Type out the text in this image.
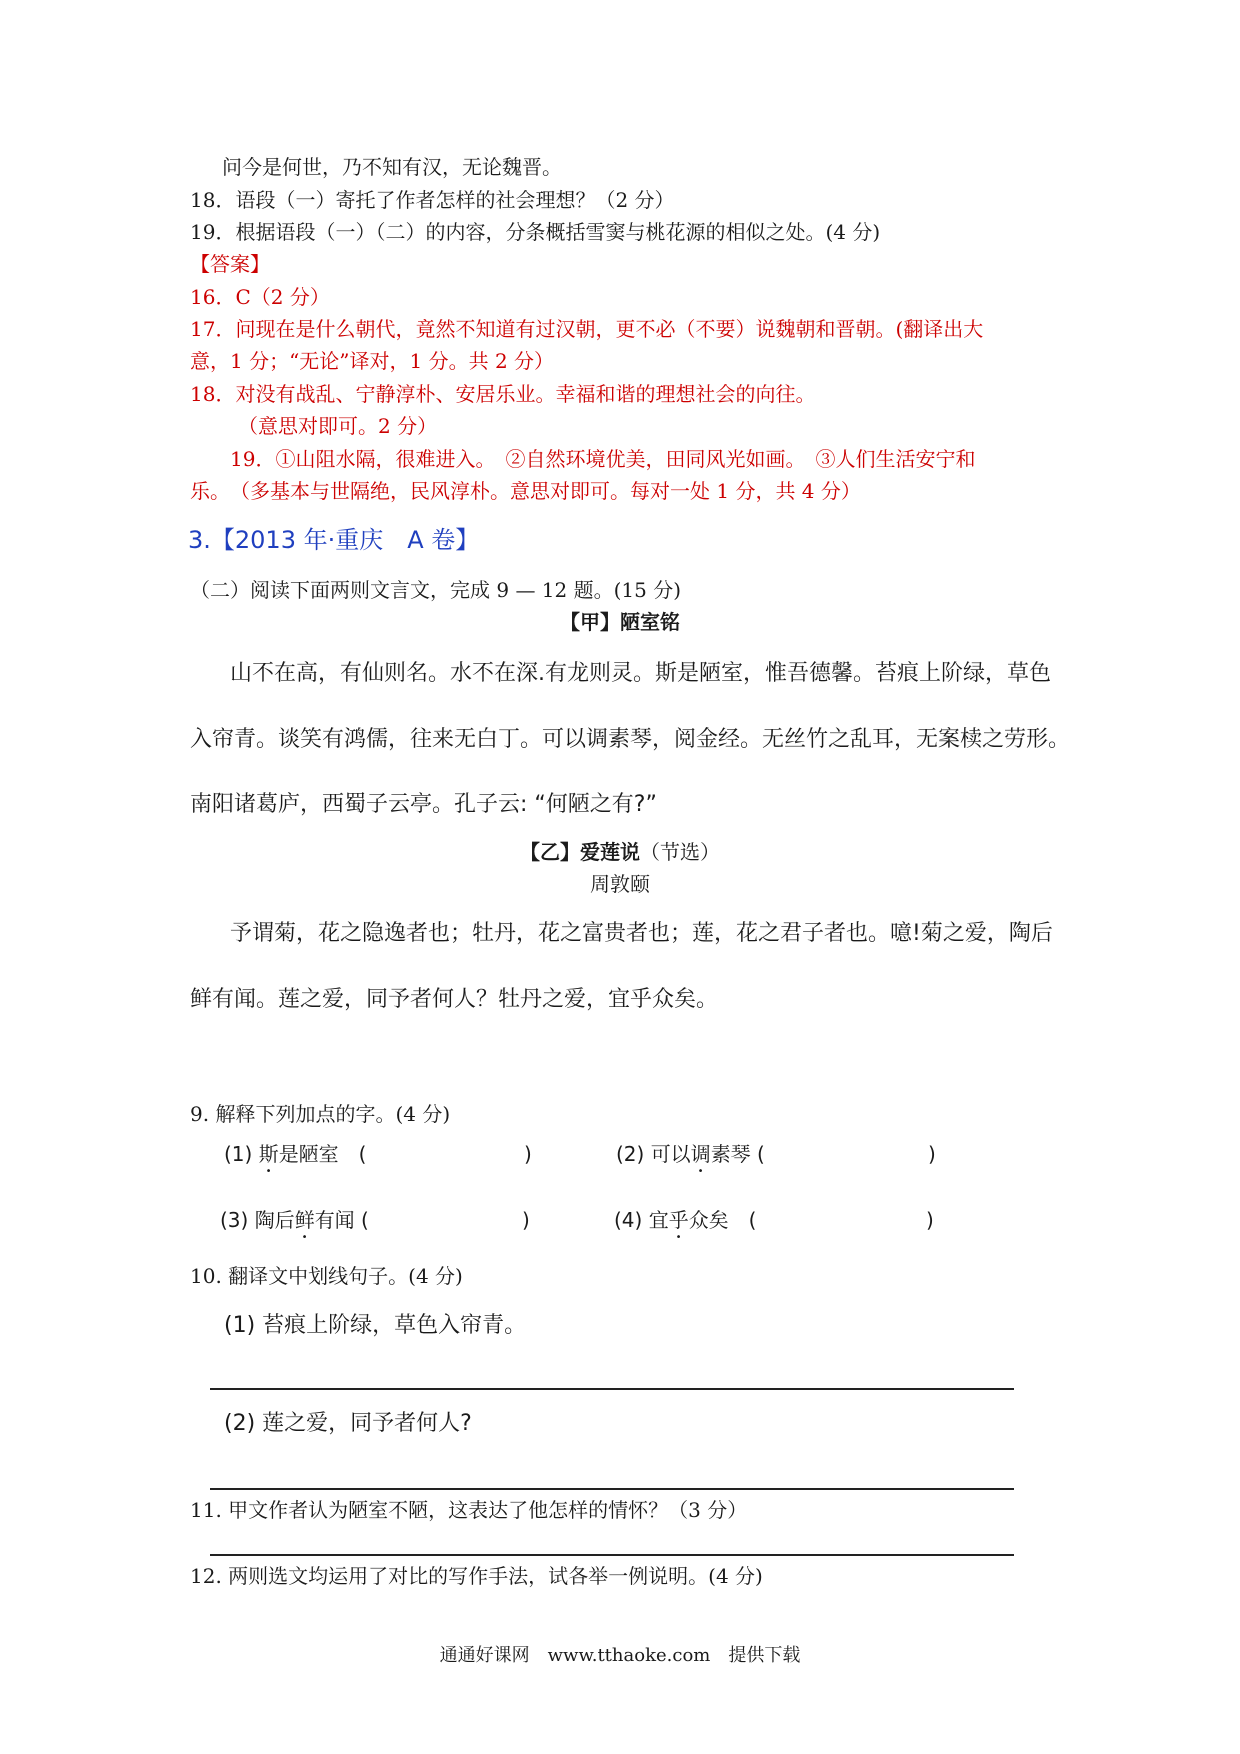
问今是何世，乃不知有汉，无论魏晋。
18．语段（一）寄托了作者怎样的社会理想？（2 分）
19．根据语段（一）（二）的内容，分条概括雪窦与桃花源的相似之处。(4 分)
【答案】
16．C（2 分）
17．问现在是什么朝代，竟然不知道有过汉朝，更不必（不要）说魏朝和晋朝。(翻译出大
意，1 分；“无论”译对，1 分。共 2 分）
18．对没有战乱、宁静淳朴、安居乐业。幸福和谐的理想社会的向往。
（意思对即可。2 分）
19．①山阻水隔，很难进入。　②自然环境优美，田同风光如画。　③人们生活安宁和
乐。　（多基本与世隔绝，民风淳朴。意思对即可。每对一处 1 分，共 4 分）
3.【2013 年·重庆　A 卷】
（二）阅读下面两则文言文，完成 9 — 12 题。(15 分)
【甲】陋室铭
山不在高，有仙则名。水不在深.有龙则灵。斯是陋室，惟吾德馨。苔痕上阶绿，草色
入帘青。谈笑有鸿儒，往来无白丁。可以调素琴，阅金经。无丝竹之乱耳，无案椟之劳形。
南阳诸葛庐，西蜀子云亭。孔子云: “何陋之有?”
【乙】爱莲说（节选）
周敦颐
予谓菊，花之隐逸者也；牡丹，花之富贵者也；莲，花之君子者也。噫!菊之爱，陶后
鲜有闻。莲之爱，同予者何人？牡丹之爱，宜乎众矣。
9. 解释下列加点的字。(4 分)
(1) 斯是陋室　(	)	(2) 可以调素琴 (	)
(3) 陶后鲜有闻 (	)	(4) 宜乎众矣　(	)
10. 翻译文中划线句子。(4 分)
(1) 苔痕上阶绿，草色入帘青。
(2) 莲之爱，同予者何人?
11. 甲文作者认为陋室不陋，这表达了他怎样的情怀？（3 分）
12. 两则选文均运用了对比的写作手法，试各举一例说明。(4 分)
通通好课网　www.tthaoke.com　提供下载
